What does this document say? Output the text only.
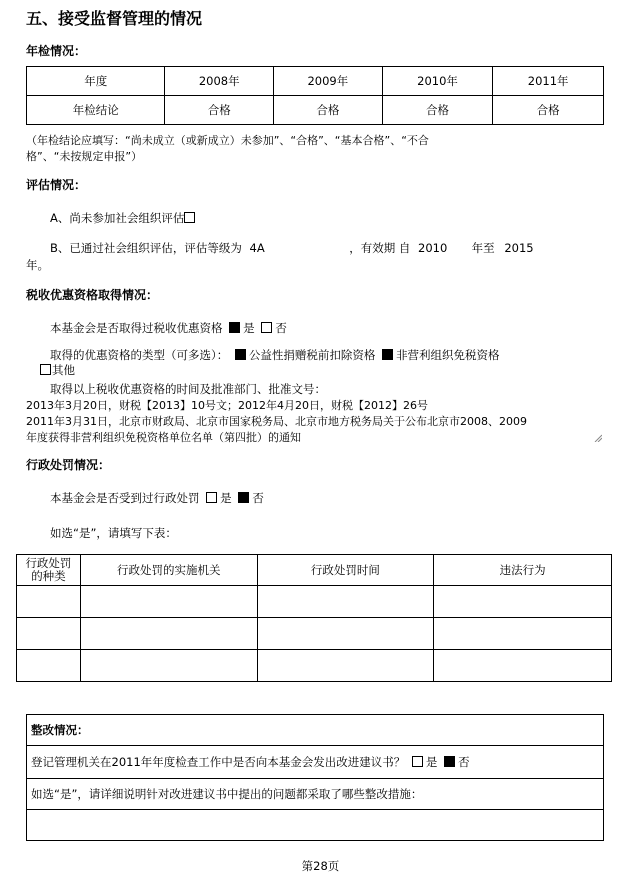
五、接受监督管理的情况
年检情况：
年度	2008年	2009年	2010年	2011年
年检结论	合格	合格	合格	合格
（年检结论应填写：“尚未成立（或新成立）未参加”、“合格”、“基本合格”、“不合
格”、“未按规定申报”）
评估情况：
A、尚未参加社会组织评估
B、已通过社会组织评估，评估等级为 4A	，有效期 自 2010 年至 2015
年。
税收优惠资格取得情况：
本基金会是否取得过税收优惠资格 是 否
取得的优惠资格的类型（可多选）： 公益性捐赠税前扣除资格 非营利组织免税资格
其他
取得以上税收优惠资格的时间及批准部门、批准文号：
2013年3月20日，财税【2013】10号文；2012年4月20日，财税【2012】26号
2011年3月31日，北京市财政局、北京市国家税务局、北京市地方税务局关于公布北京市2008、2009
年度获得非营利组织免税资格单位名单（第四批）的通知
行政处罚情况：
本基金会是否受到过行政处罚 是 否
如选“是”，请填写下表：
行政处罚
的种类	行政处罚的实施机关	行政处罚时间	违法行为

整改情况：
登记管理机关在2011年年度检查工作中是否向本基金会发出改进建议书？ 是 否
如选“是”，请详细说明针对改进建议书中提出的问题都采取了哪些整改措施：

第28页
